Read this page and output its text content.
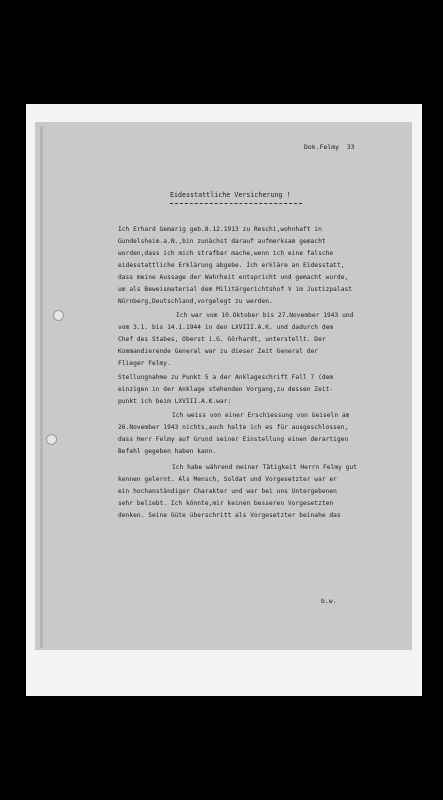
Dok.Felmy  33
Eidesstattliche Versicherung !
Ich Erhard Gemarig geb.8.12.1913 zu Reschi,wohnhaft in
Gundelsheim.a.N.,bin zunächst darauf aufmerksam gemacht
worden,dass ich mich strafbar mache,wenn ich eine falsche
eidesstattliche Erklärung abgebe. Ich erkläre an Eidesstatt,
dass meine Aussage der Wahrheit entspricht und gemacht wurde,
um als Beweismaterial dem Militärgerichtshof V im Justizpalast
Nürnberg,Deutschland,vorgelegt zu werden.
Ich war vom 10.Oktober bis 27.November 1943 und
vom 3.1. bis 14.1.1944 in den LXVIII.A.K. und dadurch dem
Chef des Stabes, Oberst i.G. Görhardt, unterstellt. Der
Kommandierende General war zu dieser Zeit General der
Flieger Felmy.
Stellungnahme zu Punkt 5 a der Anklageschrift Fall 7 (dem
einzigen in der Anklage stehenden Vorgang,zu dessen Zeit-
punkt ich beim LXVIII.A.K.war:
Ich weiss von einer Erschiessung von Geiseln am
26.November 1943 nichts,auch halte ich es für ausgeschlossen,
dass Herr Felmy auf Grund seiner Einstellung einen derartigen
Befehl gegeben haben kann.
Ich habe während meiner Tätigkeit Herrn Felmy gut
kennen gelernt. Als Mensch, Soldat und Vorgesetzter war er
ein hochanständiger Charakter und war bei uns Untergebenen
sehr beliebt. Ich könnte,mir keinen besseren Vorgesetzten
denken. Seine Güte überschritt als Vorgesetzter beinahe das
b.w.
